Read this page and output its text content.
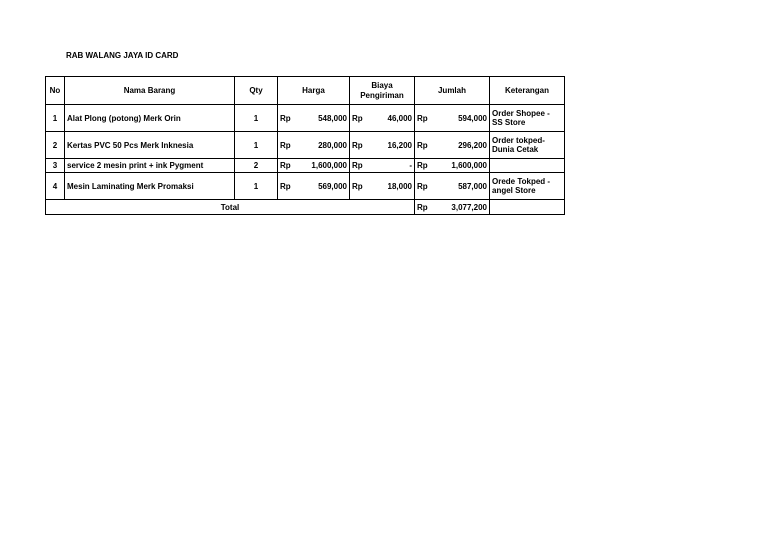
RAB WALANG JAYA ID CARD
No	Nama Barang	Qty	Harga		Biaya Pengiriman		Jumlah		Keterangan
1	Alat Plong (potong) Merk Orin	1	Rp	548,000	Rp	46,000	Rp	594,000	Order Shopee - SS Store
2	Kertas PVC 50 Pcs Merk Inknesia	1	Rp	280,000	Rp	16,200	Rp	296,200	Order tokped- Dunia Cetak
3	service 2 mesin print + ink Pygment	2	Rp	1,600,000	Rp	-	Rp	1,600,000	
4	Mesin Laminating Merk Promaksi	1	Rp	569,000	Rp	18,000	Rp	587,000	Orede Tokped - angel Store
Total							Rp	3,077,200	
